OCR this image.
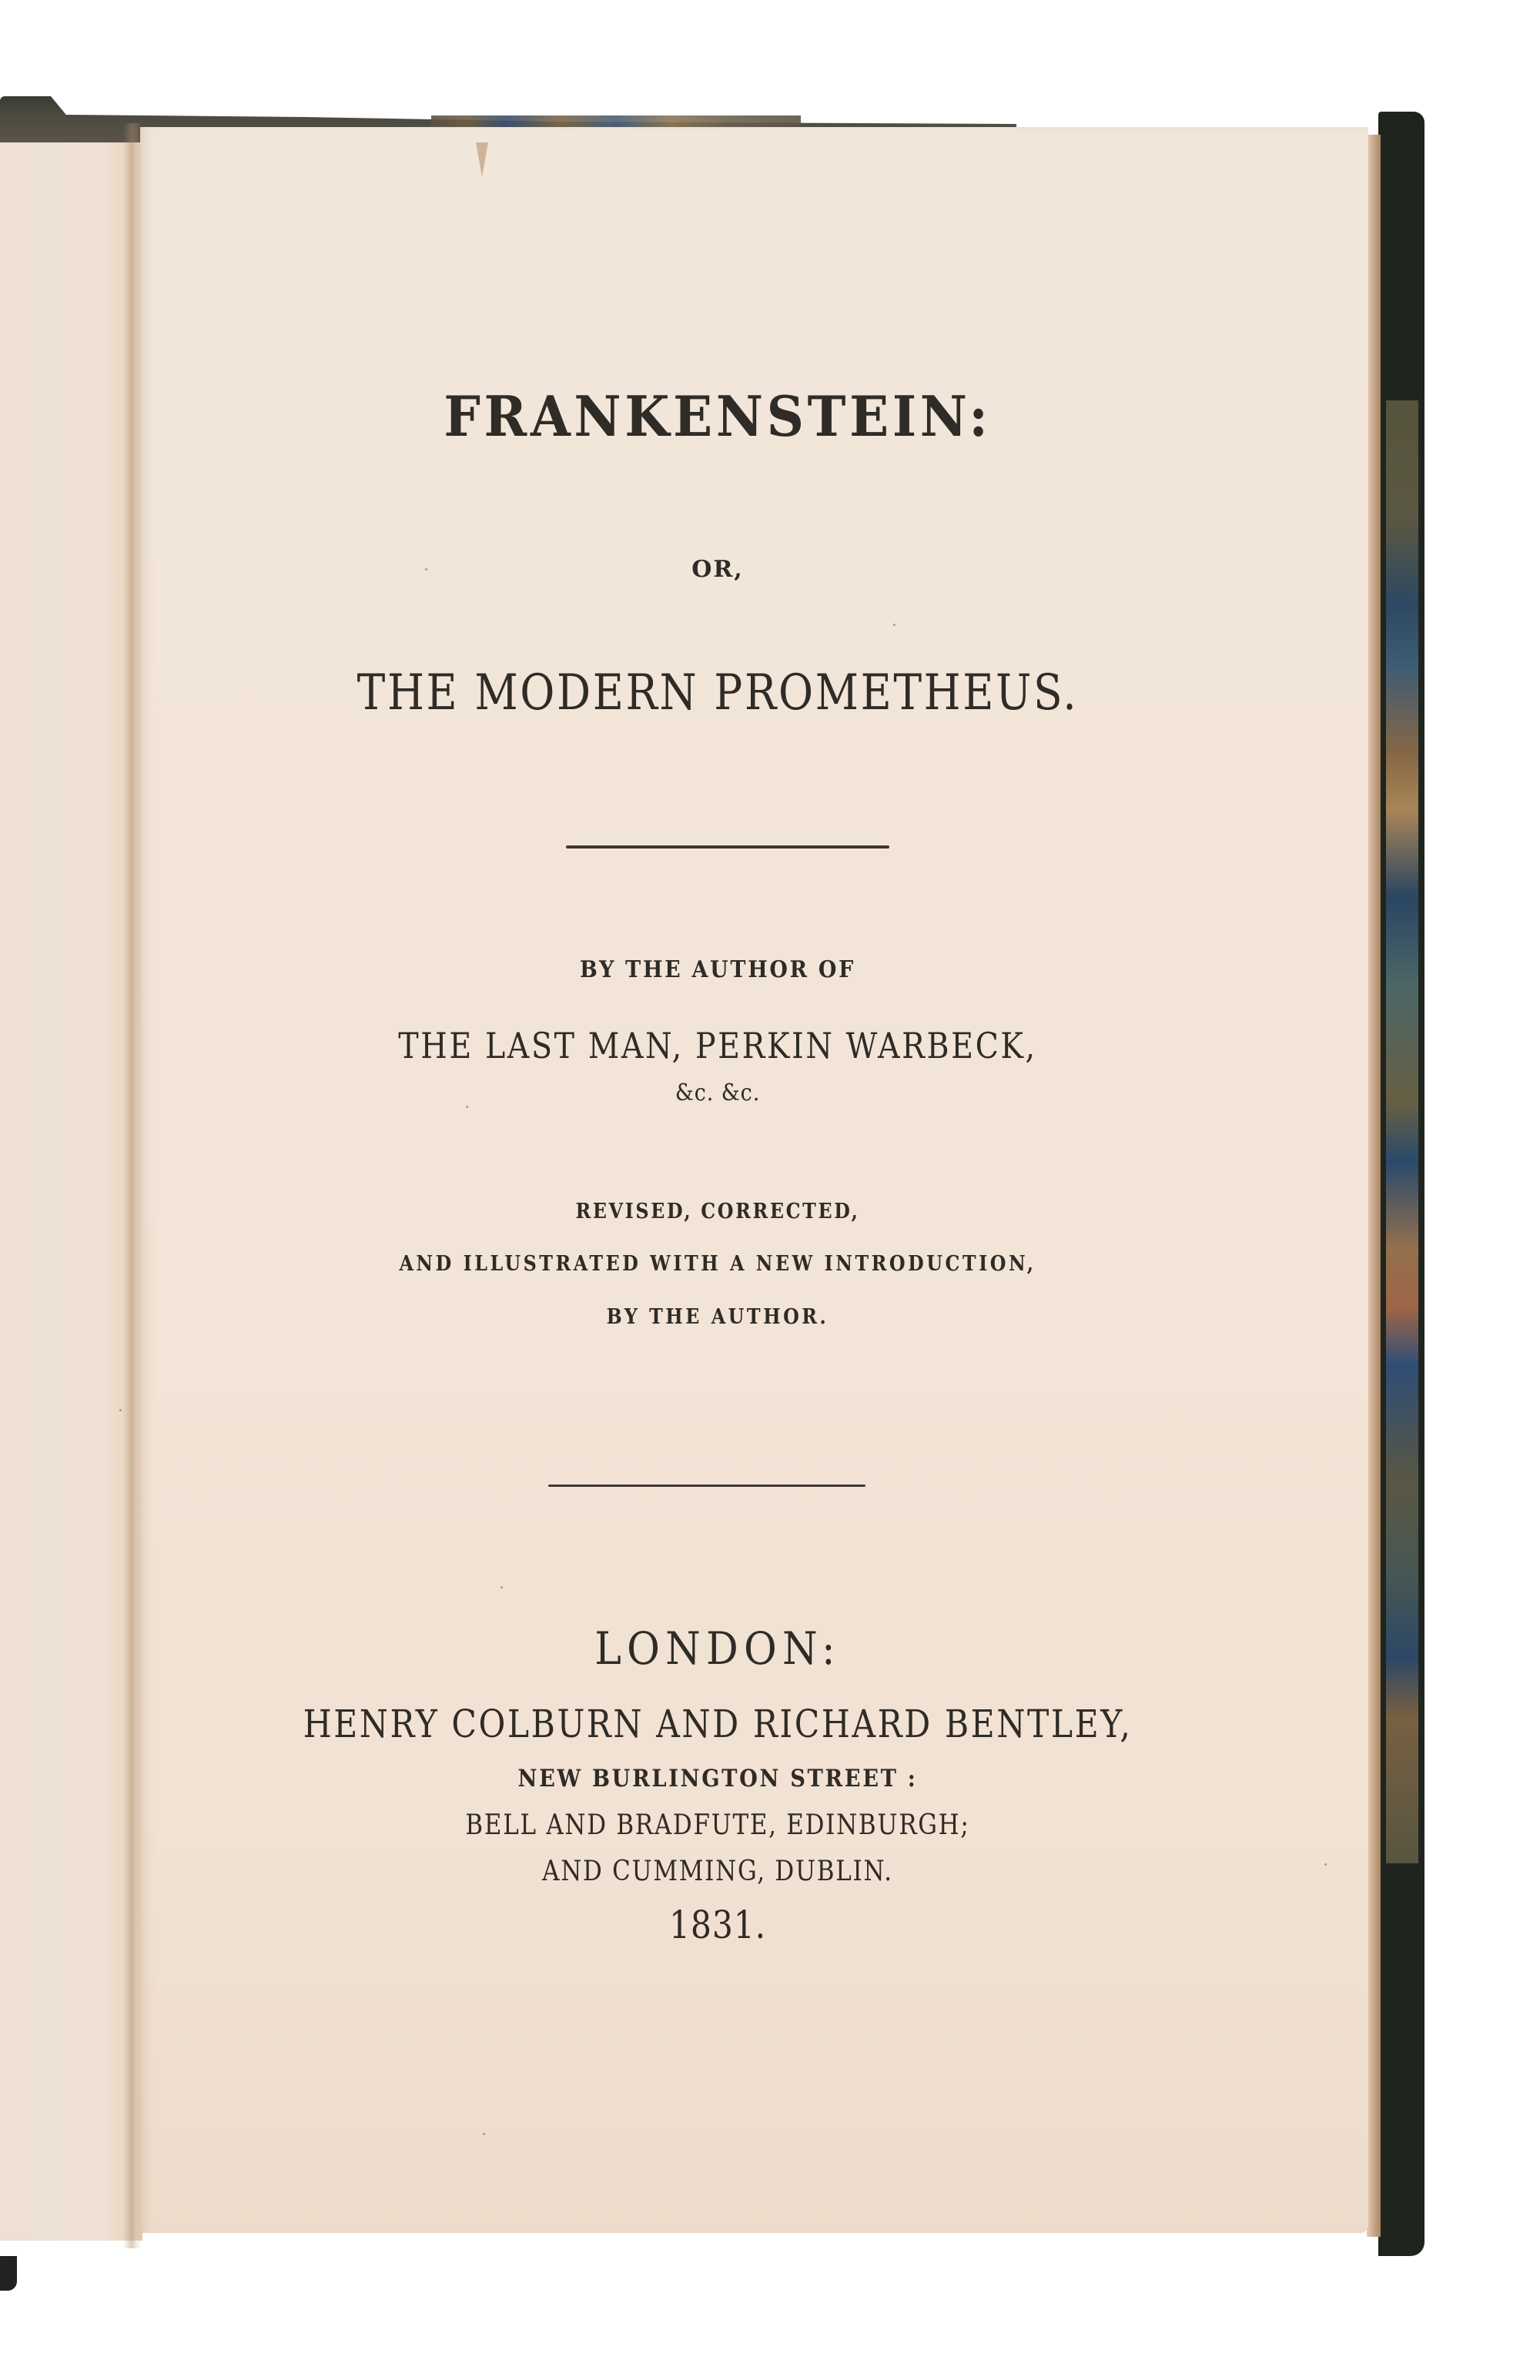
FRANKENSTEIN:
OR,
THE MODERN PROMETHEUS.
BY THE AUTHOR OF
THE LAST MAN, PERKIN WARBECK,
&c. &c.
REVISED, CORRECTED,
AND ILLUSTRATED WITH A NEW INTRODUCTION,
BY THE AUTHOR.
LONDON:
HENRY COLBURN AND RICHARD BENTLEY,
NEW BURLINGTON STREET :
BELL AND BRADFUTE, EDINBURGH;
AND CUMMING, DUBLIN.
1831.
